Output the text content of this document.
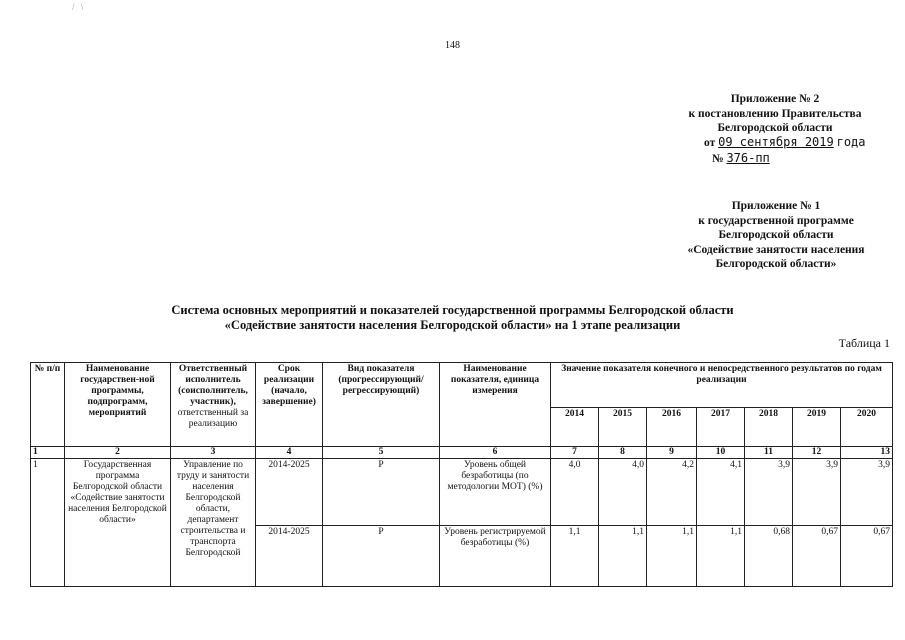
/ \
148
Приложение № 2
к постановлению Правительства
Белгородской области
от 09 сентября 2019 года
№ 376-пп
Приложение № 1
к государственной программе
Белгородской области
«Содействие занятости населения
Белгородской области»
Система основных мероприятий и показателей государственной программы Белгородской области
«Содействие занятости населения Белгородской области» на 1 этапе реализации
Таблица 1
№ п/п	Наименование государствен-ной программы, подпрограмм, мероприятий	Ответственный исполнитель (соисполнитель, участник), ответственный за реализацию	Срок реализации (начало, завершение)	Вид показателя (прогрессирующий/ регрессирующий)	Наименование показателя, единица измерения	Значение показателя конечного и непосредственного результатов по годам реализации						
						2014	2015	2016	2017	2018	2019	2020
1	2	3	4	5	6	7	8	9	10	11	12	13
1	Государственная программа Белгородской области «Содействие занятости населения Белгородской области»	Управление по труду и занятости населения Белгородской области, департамент строительства и транспорта Белгородской	2014-2025	Р	Уровень общей безработицы (по методологии МОТ) (%)	4,0	4,0	4,2	4,1	3,9	3,9	3,9
			2014-2025	Р	Уровень регистрируемой безработицы (%)	1,1	1,1	1,1	1,1	0,68	0,67	0,67
